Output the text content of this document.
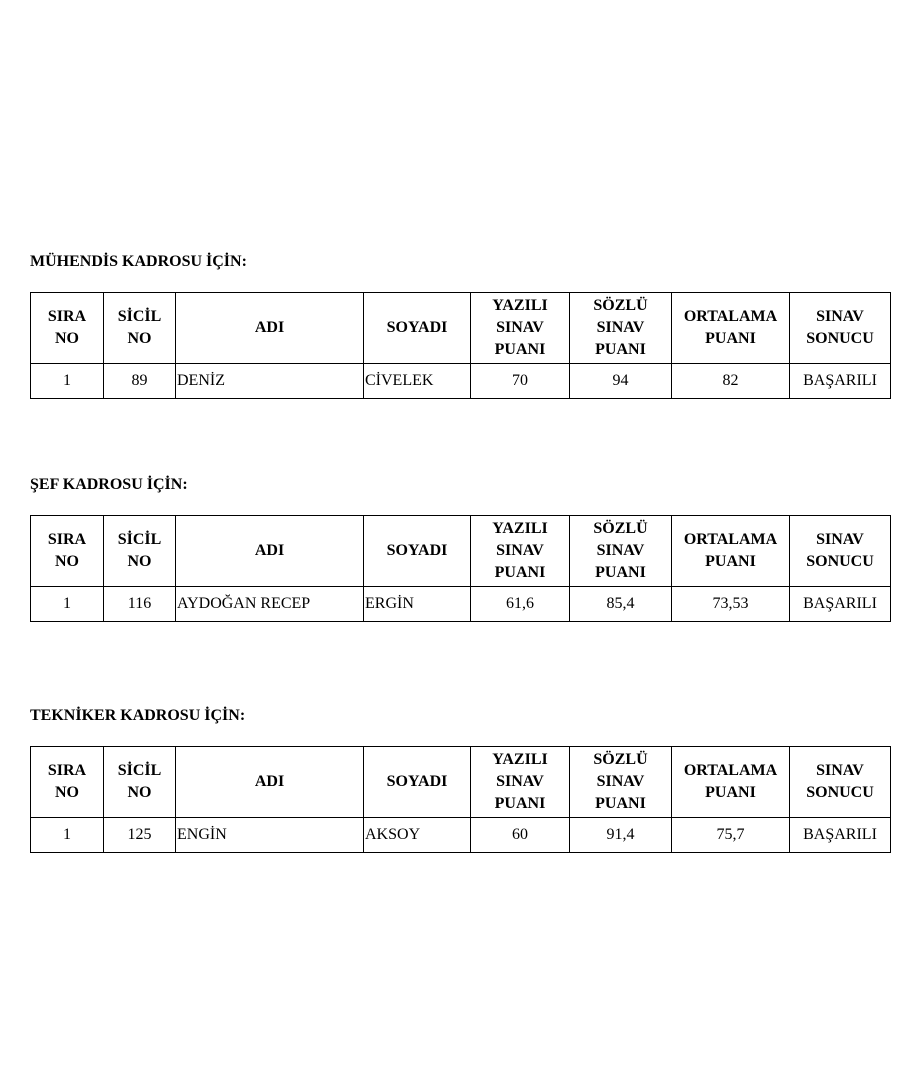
MÜHENDİS KADROSU İÇİN:
SIRA
NO	SİCİL
NO	ADI	SOYADI	YAZILI
SINAV
PUANI	SÖZLÜ
SINAV
PUANI	ORTALAMA
PUANI	SINAV
SONUCU

1	89	DENİZ	CİVELEK	70	94	82	BAŞARILI
ŞEF KADROSU İÇİN:
SIRA
NO	SİCİL
NO	ADI	SOYADI	YAZILI
SINAV
PUANI	SÖZLÜ
SINAV
PUANI	ORTALAMA
PUANI	SINAV
SONUCU

1	116	AYDOĞAN RECEP	ERGİN	61,6	85,4	73,53	BAŞARILI
TEKNİKER KADROSU İÇİN:
SIRA
NO	SİCİL
NO	ADI	SOYADI	YAZILI
SINAV
PUANI	SÖZLÜ
SINAV
PUANI	ORTALAMA
PUANI	SINAV
SONUCU

1	125	ENGİN	AKSOY	60	91,4	75,7	BAŞARILI
